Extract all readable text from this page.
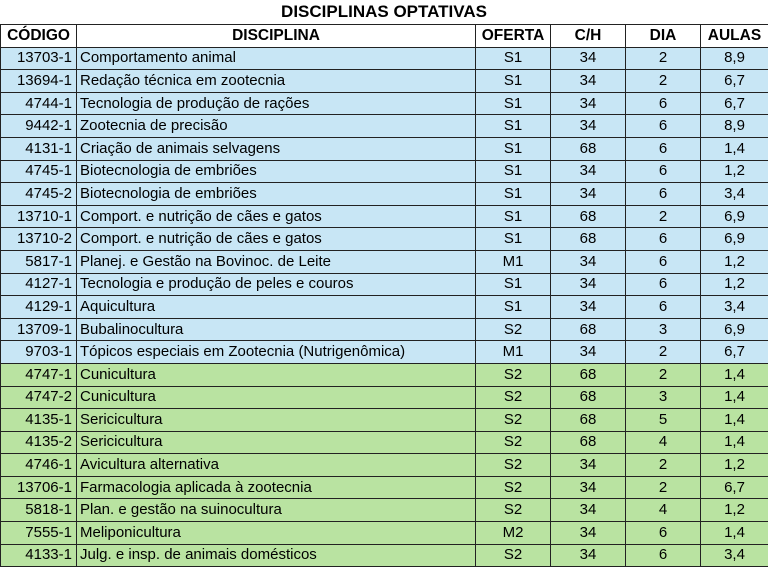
DISCIPLINAS OPTATIVAS
CÓDIGO	DISCIPLINA	OFERTA	C/H	DIA	AULAS
13703-1	Comportamento animal	S1	34	2	8,9
13694-1	Redação técnica em zootecnia	S1	34	2	6,7
4744-1	Tecnologia de produção de rações	S1	34	6	6,7
9442-1	Zootecnia de precisão	S1	34	6	8,9
4131-1	Criação de animais selvagens	S1	68	6	1,4
4745-1	Biotecnologia de embriões	S1	34	6	1,2
4745-2	Biotecnologia de embriões	S1	34	6	3,4
13710-1	Comport. e nutrição de cães e gatos	S1	68	2	6,9
13710-2	Comport. e nutrição de cães e gatos	S1	68	6	6,9
5817-1	Planej. e Gestão na Bovinoc. de Leite	M1	34	6	1,2
4127-1	Tecnologia e produção de peles e couros	S1	34	6	1,2
4129-1	Aquicultura	S1	34	6	3,4
13709-1	Bubalinocultura	S2	68	3	6,9
9703-1	Tópicos especiais em Zootecnia (Nutrigenômica)	M1	34	2	6,7
4747-1	Cunicultura	S2	68	2	1,4
4747-2	Cunicultura	S2	68	3	1,4
4135-1	Sericicultura	S2	68	5	1,4
4135-2	Sericicultura	S2	68	4	1,4
4746-1	Avicultura alternativa	S2	34	2	1,2
13706-1	Farmacologia aplicada à zootecnia	S2	34	2	6,7
5818-1	Plan. e gestão na suinocultura	S2	34	4	1,2
7555-1	Meliponicultura	M2	34	6	1,4
4133-1	Julg. e insp. de animais domésticos	S2	34	6	3,4
